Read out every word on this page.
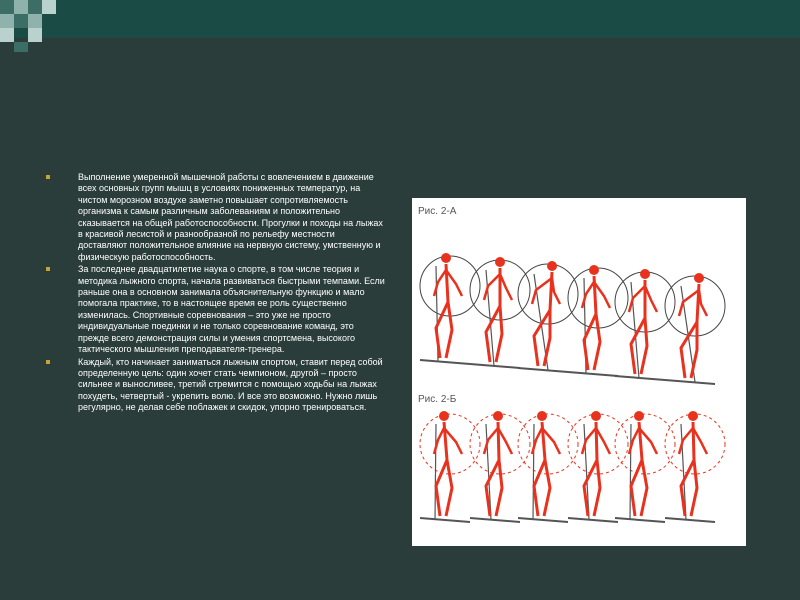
Выполнение умеренной мышечной работы с вовлечением в движение всех основных групп мышц в условиях пониженных температур, на чистом морозном воздухе заметно повышает сопротивляемость организма к самым различным заболеваниям и положительно сказывается на общей работоспособности. Прогулки и походы на лыжах в красивой лесистой и разнообразной по рельефу местности доставляют положительное влияние на нервную систему, умственную и физическую работоспособность.
За последнее двадцатилетие наука о спорте, в том числе теория и методика лыжного спорта, начала развиваться быстрыми темпами. Если раньше она в основном занимала объяснительную функцию и мало помогала практике, то в настоящее время ее роль существенно изменилась. Спортивные соревнования – это уже не просто индивидуальные поединки и не только соревнование команд, это прежде всего демонстрация силы и умения спортсмена, высокого тактического мышления преподавателя-тренера.
Каждый, кто начинает заниматься лыжным спортом, ставит перед собой определенную цель: один хочет стать чемпионом, другой – просто сильнее и выносливее, третий стремится с помощью ходьбы на лыжах похудеть, четвертый - укрепить волю. И все это возможно. Нужно лишь регулярно, не делая себе поблажек и скидок, упорно тренироваться.
Рис. 2-А
Рис. 2-Б
